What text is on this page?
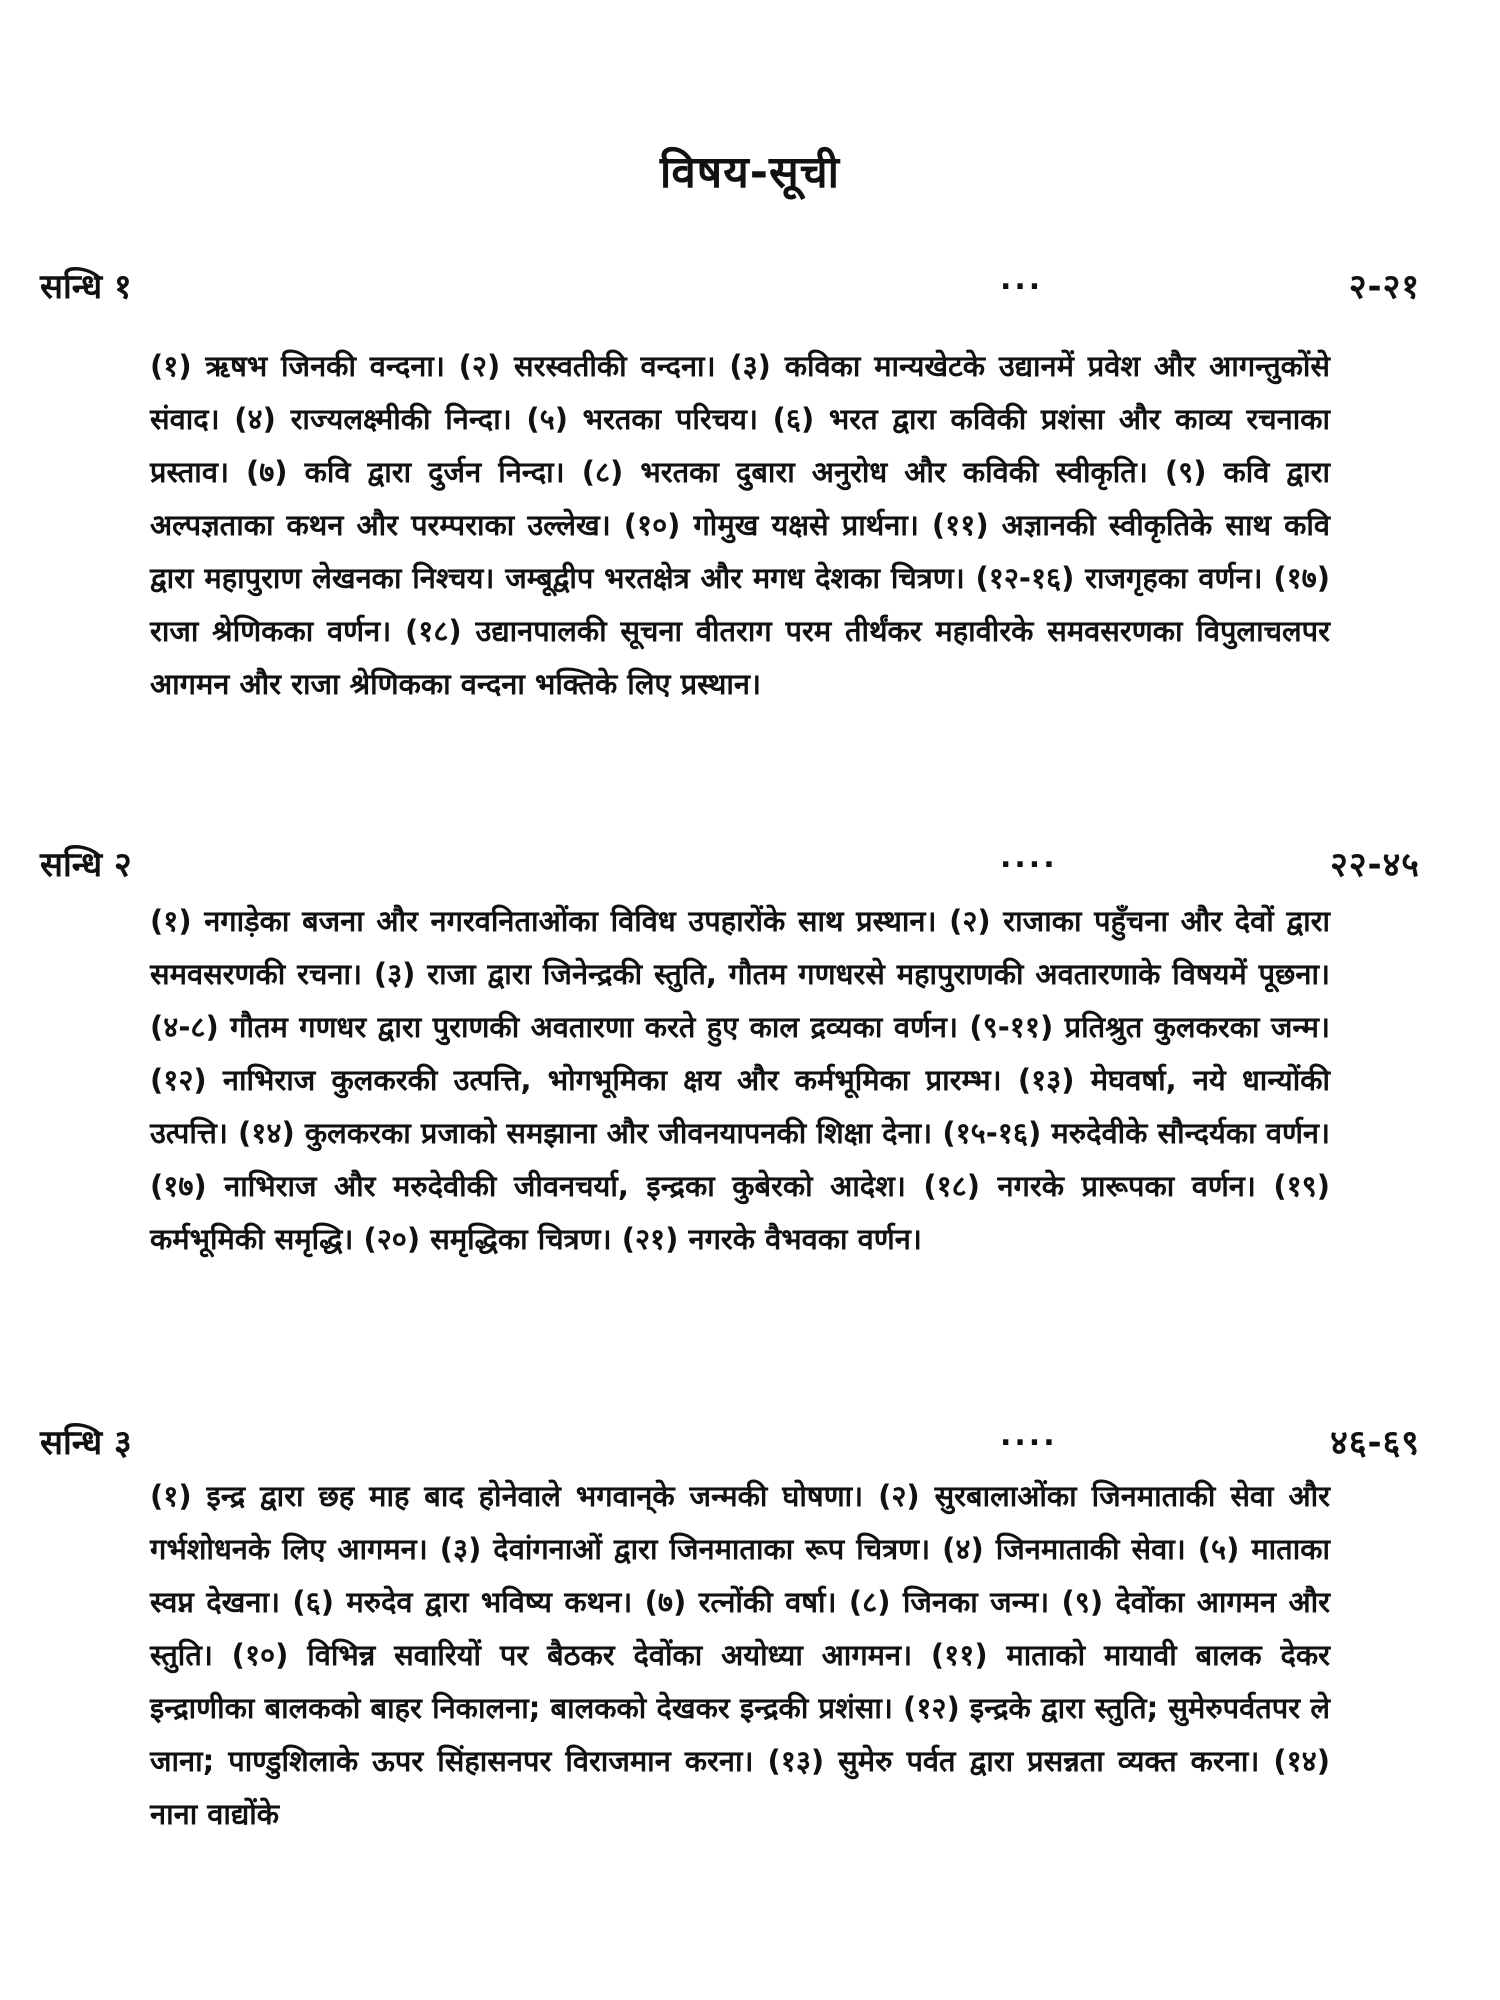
विषय-सूची
सन्धि १	...	२-२१
(१) ऋषभ जिनकी वन्दना। (२) सरस्वतीकी वन्दना। (३) कविका मान्यखेटके उद्यानमें प्रवेश और आगन्तुकोंसे संवाद। (४) राज्यलक्ष्मीकी निन्दा। (५) भरतका परिचय। (६) भरत द्वारा कविकी प्रशंसा और काव्य रचनाका प्रस्ताव। (७) कवि द्वारा दुर्जन निन्दा। (८) भरतका दुबारा अनुरोध और कविकी स्वीकृति। (९) कवि द्वारा अल्पज्ञताका कथन और परम्पराका उल्लेख। (१०) गोमुख यक्षसे प्रार्थना। (११) अज्ञानकी स्वीकृतिके साथ कवि द्वारा महापुराण लेखनका निश्चय। जम्बूद्वीप भरतक्षेत्र और मगध देशका चित्रण। (१२-१६) राजगृहका वर्णन। (१७) राजा श्रेणिकका वर्णन। (१८) उद्यानपालकी सूचना वीतराग परम तीर्थंकर महावीरके समवसरणका विपुलाचलपर आगमन और राजा श्रेणिकका वन्दना भक्तिके लिए प्रस्थान।
सन्धि २	....	२२-४५
(१) नगाड़ेका बजना और नगरवनिताओंका विविध उपहारोंके साथ प्रस्थान। (२) राजाका पहुँचना और देवों द्वारा समवसरणकी रचना। (३) राजा द्वारा जिनेन्द्रकी स्तुति, गौतम गणधरसे महापुराणकी अवतारणाके विषयमें पूछना। (४-८) गौतम गणधर द्वारा पुराणकी अवतारणा करते हुए काल द्रव्यका वर्णन। (९-११) प्रतिश्रुत कुलकरका जन्म। (१२) नाभिराज कुलकरकी उत्पत्ति, भोगभूमिका क्षय और कर्मभूमिका प्रारम्भ। (१३) मेघवर्षा, नये धान्योंकी उत्पत्ति। (१४) कुलकरका प्रजाको समझाना और जीवनयापनकी शिक्षा देना। (१५-१६) मरुदेवीके सौन्दर्यका वर्णन। (१७) नाभिराज और मरुदेवीकी जीवनचर्या, इन्द्रका कुबेरको आदेश। (१८) नगरके प्रारूपका वर्णन। (१९) कर्मभूमिकी समृद्धि। (२०) समृद्धिका चित्रण। (२१) नगरके वैभवका वर्णन।
सन्धि ३	....	४६-६९
(१) इन्द्र द्वारा छह माह बाद होनेवाले भगवान्‌के जन्मकी घोषणा। (२) सुरबालाओंका जिनमाताकी सेवा और गर्भशोधनके लिए आगमन। (३) देवांगनाओं द्वारा जिनमाताका रूप चित्रण। (४) जिनमाताकी सेवा। (५) माताका स्वप्न देखना। (६) मरुदेव द्वारा भविष्य कथन। (७) रत्नोंकी वर्षा। (८) जिनका जन्म। (९) देवोंका आगमन और स्तुति। (१०) विभिन्न सवारियों पर बैठकर देवोंका अयोध्या आगमन। (११) माताको मायावी बालक देकर इन्द्राणीका बालकको बाहर निकालना; बालकको देखकर इन्द्रकी प्रशंसा। (१२) इन्द्रके द्वारा स्तुति; सुमेरुपर्वतपर ले जाना; पाण्डुशिलाके ऊपर सिंहासनपर विराजमान करना। (१३) सुमेरु पर्वत द्वारा प्रसन्नता व्यक्त करना। (१४) नाना वाद्योंके
